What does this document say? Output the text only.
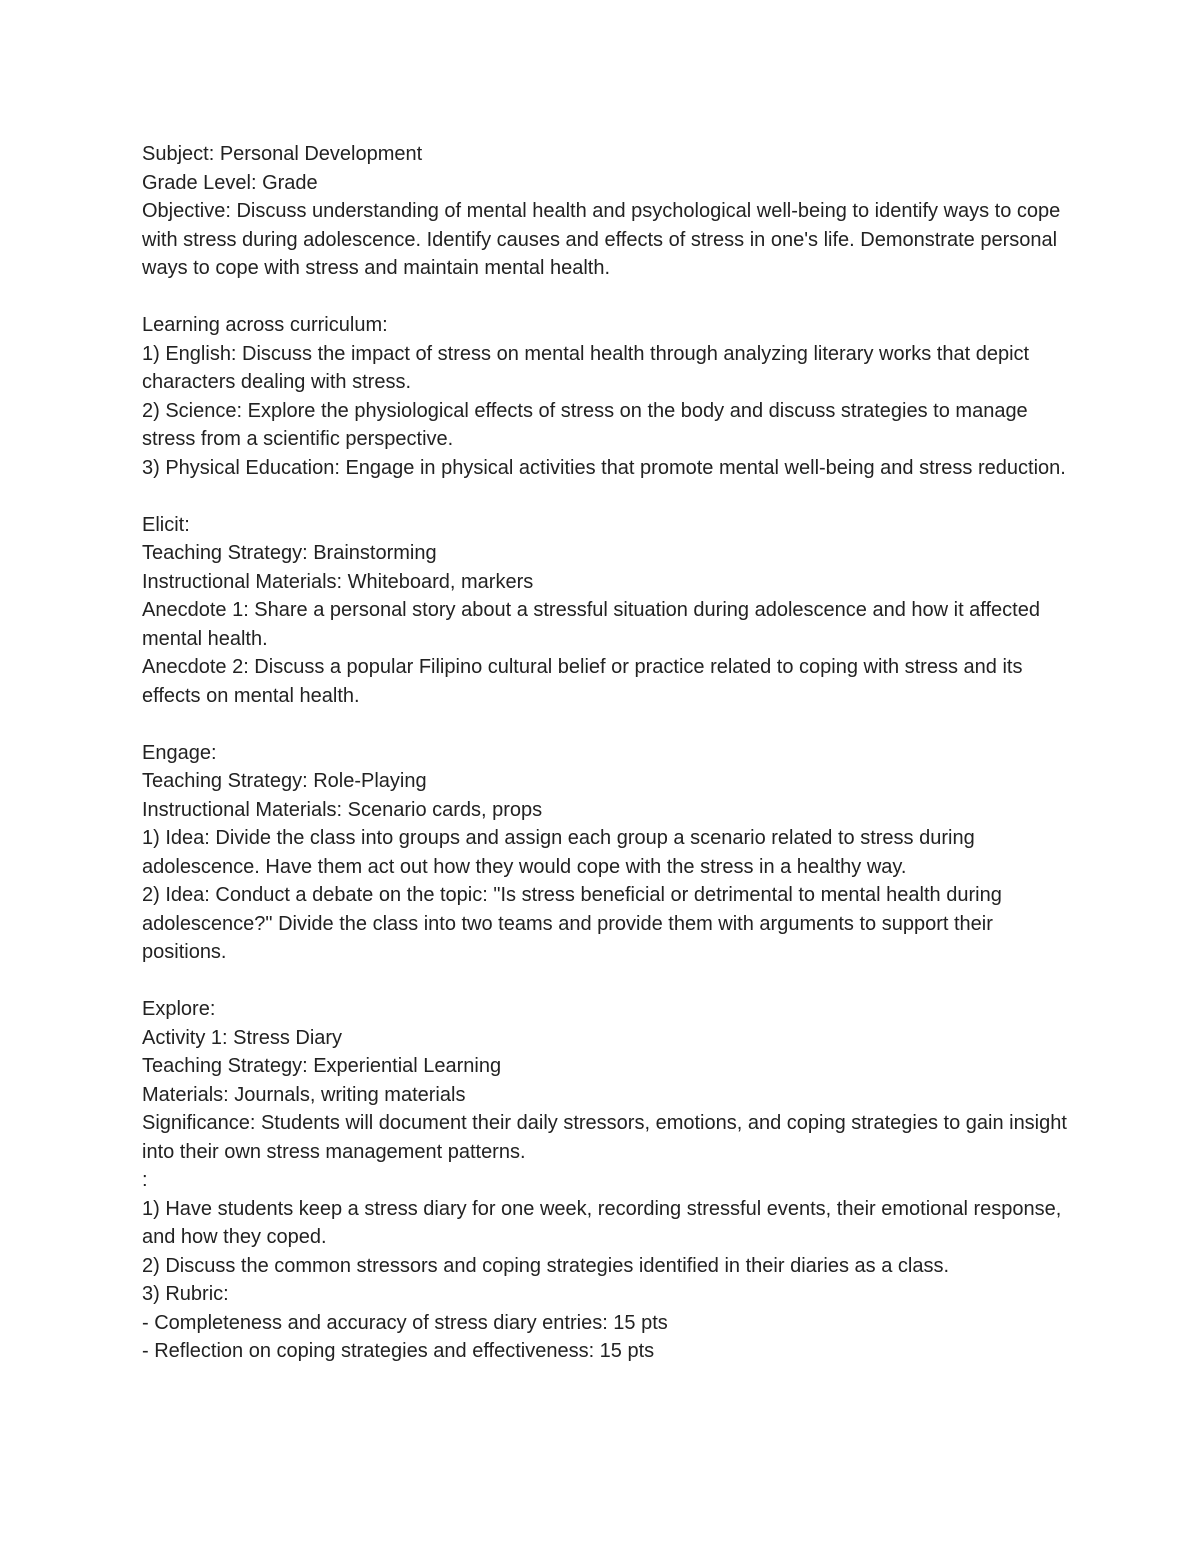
Subject: Personal Development

Grade Level: Grade

Objective: Discuss understanding of mental health and psychological well-being to identify ways to cope with stress during adolescence. Identify causes and effects of stress in one's life. Demonstrate personal ways to cope with stress and maintain mental health.

Learning across curriculum:

1) English: Discuss the impact of stress on mental health through analyzing literary works that depict characters dealing with stress.

2) Science: Explore the physiological effects of stress on the body and discuss strategies to manage stress from a scientific perspective.

3) Physical Education: Engage in physical activities that promote mental well-being and stress reduction.

Elicit:

Teaching Strategy: Brainstorming

Instructional Materials: Whiteboard, markers

Anecdote 1: Share a personal story about a stressful situation during adolescence and how it affected mental health.

Anecdote 2: Discuss a popular Filipino cultural belief or practice related to coping with stress and its effects on mental health.

Engage:

Teaching Strategy: Role-Playing

Instructional Materials: Scenario cards, props

1) Idea: Divide the class into groups and assign each group a scenario related to stress during adolescence. Have them act out how they would cope with the stress in a healthy way.

2) Idea: Conduct a debate on the topic: "Is stress beneficial or detrimental to mental health during adolescence?" Divide the class into two teams and provide them with arguments to support their positions.

Explore:

Activity 1: Stress Diary

Teaching Strategy: Experiential Learning

Materials: Journals, writing materials

Significance: Students will document their daily stressors, emotions, and coping strategies to gain insight into their own stress management patterns.

:

1) Have students keep a stress diary for one week, recording stressful events, their emotional response, and how they coped.

2) Discuss the common stressors and coping strategies identified in their diaries as a class.

3) Rubric:

- Completeness and accuracy of stress diary entries: 15 pts

- Reflection on coping strategies and effectiveness: 15 pts
